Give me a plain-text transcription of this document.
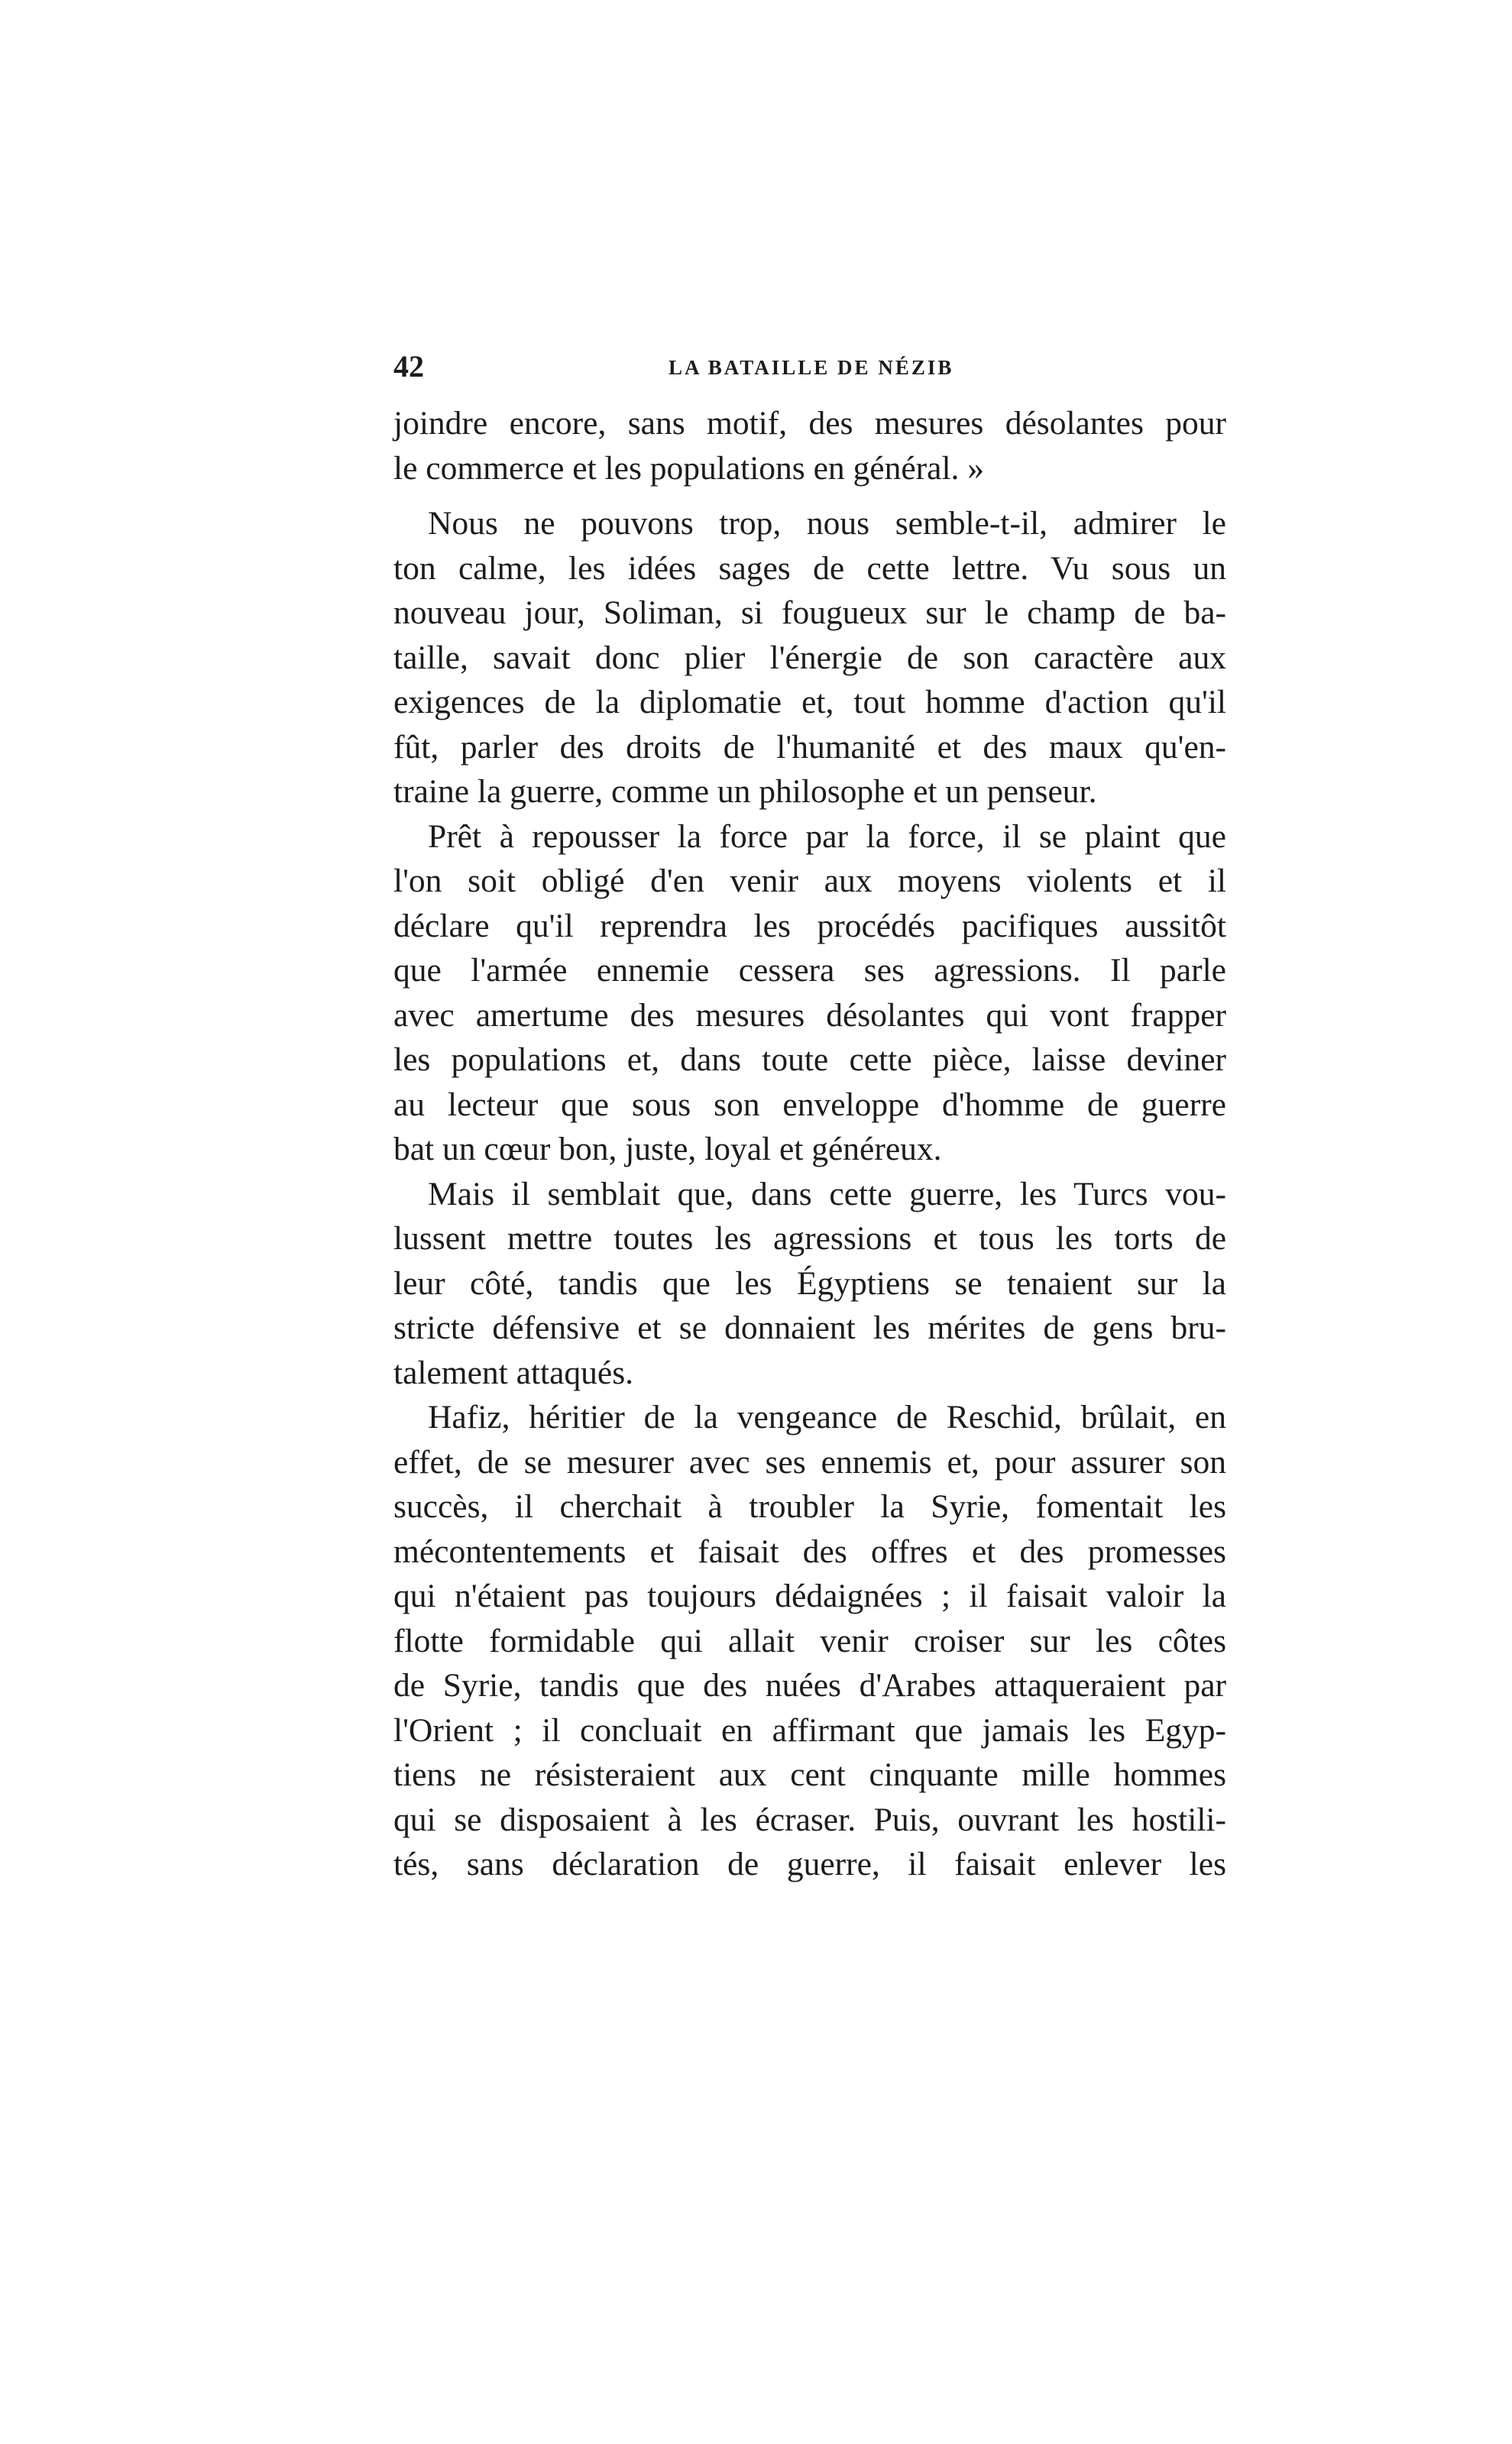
42	LA BATAILLE DE NÉZIB
joindre encore, sans motif, des mesures désolantes pour
le commerce et les populations en général. »
Nous ne pouvons trop, nous semble-t-il, admirer le
ton calme, les idées sages de cette lettre. Vu sous un
nouveau jour, Soliman, si fougueux sur le champ de ba-
taille, savait donc plier l'énergie de son caractère aux
exigences de la diplomatie et, tout homme d'action qu'il
fût, parler des droits de l'humanité et des maux qu'en-
traine la guerre, comme un philosophe et un penseur.
Prêt à repousser la force par la force, il se plaint que
l'on soit obligé d'en venir aux moyens violents et il
déclare qu'il reprendra les procédés pacifiques aussitôt
que l'armée ennemie cessera ses agressions. Il parle
avec amertume des mesures désolantes qui vont frapper
les populations et, dans toute cette pièce, laisse deviner
au lecteur que sous son enveloppe d'homme de guerre
bat un cœur bon, juste, loyal et généreux.
Mais il semblait que, dans cette guerre, les Turcs vou-
lussent mettre toutes les agressions et tous les torts de
leur côté, tandis que les Égyptiens se tenaient sur la
stricte défensive et se donnaient les mérites de gens bru-
talement attaqués.
Hafiz, héritier de la vengeance de Reschid, brûlait, en
effet, de se mesurer avec ses ennemis et, pour assurer son
succès, il cherchait à troubler la Syrie, fomentait les
mécontentements et faisait des offres et des promesses
qui n'étaient pas toujours dédaignées ; il faisait valoir la
flotte formidable qui allait venir croiser sur les côtes
de Syrie, tandis que des nuées d'Arabes attaqueraient par
l'Orient ; il concluait en affirmant que jamais les Egyp-
tiens ne résisteraient aux cent cinquante mille hommes
qui se disposaient à les écraser. Puis, ouvrant les hostili-
tés, sans déclaration de guerre, il faisait enlever les
